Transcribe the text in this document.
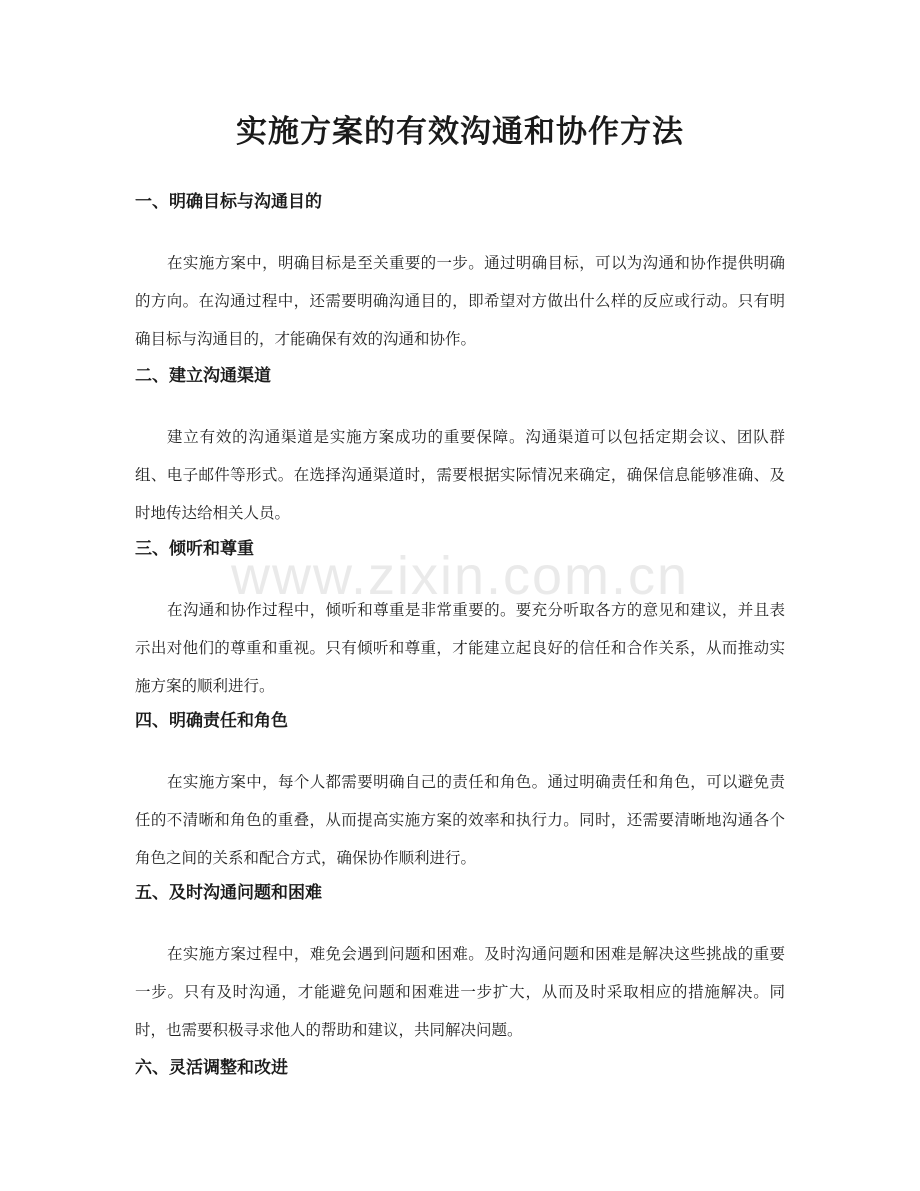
实施方案的有效沟通和协作方法
一、明确目标与沟通目的

在实施方案中，明确目标是至关重要的一步。通过明确目标，可以为沟通和协作提供明确的方向。在沟通过程中，还需要明确沟通目的，即希望对方做出什么样的反应或行动。只有明确目标与沟通目的，才能确保有效的沟通和协作。

二、建立沟通渠道

建立有效的沟通渠道是实施方案成功的重要保障。沟通渠道可以包括定期会议、团队群组、电子邮件等形式。在选择沟通渠道时，需要根据实际情况来确定，确保信息能够准确、及时地传达给相关人员。

三、倾听和尊重

在沟通和协作过程中，倾听和尊重是非常重要的。要充分听取各方的意见和建议，并且表示出对他们的尊重和重视。只有倾听和尊重，才能建立起良好的信任和合作关系，从而推动实施方案的顺利进行。

四、明确责任和角色

在实施方案中，每个人都需要明确自己的责任和角色。通过明确责任和角色，可以避免责任的不清晰和角色的重叠，从而提高实施方案的效率和执行力。同时，还需要清晰地沟通各个角色之间的关系和配合方式，确保协作顺利进行。

五、及时沟通问题和困难

在实施方案过程中，难免会遇到问题和困难。及时沟通问题和困难是解决这些挑战的重要一步。只有及时沟通，才能避免问题和困难进一步扩大，从而及时采取相应的措施解决。同时，也需要积极寻求他人的帮助和建议，共同解决问题。

六、灵活调整和改进
www.zixin.com.cn
